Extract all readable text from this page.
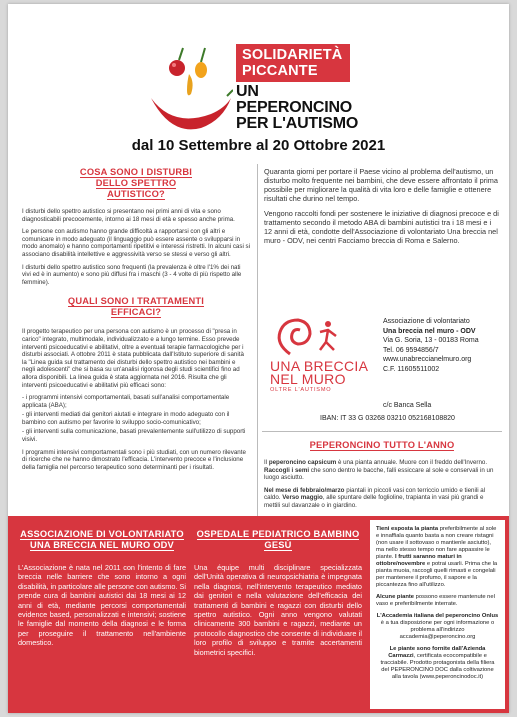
SOLIDARIETÀ
PICCANTE
UN PEPERONCINO
PER L'AUTISMO
dal 10 Settembre al 20 Ottobre 2021
COSA SONO I DISTURBI DELLO SPETTRO AUTISTICO?

I disturbi dello spettro autistico si presentano nei primi anni di vita e sono diagnosticabili precocemente, intorno ai 18 mesi di età e spesso anche prima.

Le persone con autismo hanno grande difficoltà a rapportarsi con gli altri e comunicare in modo adeguato (il linguaggio può essere assente o svilupparsi in modo anomalo) e hanno comportamenti ripetitivi e interessi ristretti. In alcuni casi si associano disabilità intellettive e aggressività verso se stessi e verso gli altri.

I disturbi dello spettro autistico sono frequenti (la prevalenza è oltre l'1% dei nati vivi ed è in aumento) e sono più diffusi fra i maschi (3 - 4 volte di più rispetto alle femmine).

QUALI SONO I TRATTAMENTI EFFICACI?

Il progetto terapeutico per una persona con autismo è un processo di "presa in carico" integrato, multimodale, individualizzato e a lungo termine. Esso prevede interventi psicoeducativi e abilitativi, oltre a eventuali terapie farmacologiche per i disturbi associati. A ottobre 2011 è stata pubblicata dall'Istituto superiore di sanità la "Linea guida sul trattamento dei disturbi dello spettro autistico nei bambini e negli adolescenti" che si basa su un'analisi rigorosa degli studi scientifici fino ad allora disponibili. La linea guida è stata aggiornata nel 2016. Risulta che gli interventi psicoeducativi e abilitativi più efficaci sono:

- i programmi intensivi comportamentali, basati sull'analisi comportamentale applicata (ABA);

- gli interventi mediati dai genitori aiutati e integrare in modo adeguato con il bambino con autismo per favorire lo sviluppo socio-comunicativo;

- gli interventi sulla comunicazione, basati prevalentemente sull'utilizzo di supporti visivi.

I programmi intensivi comportamentali sono i più studiati, con un numero rilevante di ricerche che ne hanno dimostrato l'efficacia. L'intervento precoce e l'inclusione della famiglia nel percorso terapeutico sono determinanti per i risultati.

Quaranta giorni per portare il Paese vicino al problema dell'autismo, un disturbo molto frequente nei bambini, che deve essere affrontato il prima possibile per migliorare la qualità di vita loro e delle famiglie e ottenere risultati che durino nel tempo.

Vengono raccolti fondi per sostenere le iniziative di diagnosi precoce e di trattamento secondo il metodo ABA di bambini autistici tra i 18 mesi e i 12 anni di età, condotte dell'Associazione di volontariato Una breccia nel muro - ODV, nei centri Facciamo breccia di Roma e Salerno.

UNA BRECCIA
NEL MURO
OLTRE L'AUTISMO
Associazione di volontariato
Una breccia nel muro - ODV
Via G. Soria, 13 - 00183 Roma
Tel. 06 9594856/7
www.unabreccianelmuro.org
C.F. 11605511002
c/c Banca Sella
IBAN: IT 33 G 03268 03210 052168108820
PEPERONCINO TUTTO L'ANNO

Il peperoncino capsicum è una pianta annuale. Muore con il freddo dell'Inverno. Raccogli i semi che sono dentro le bacche, falli essiccare al sole e conservali in un luogo asciutto.

Nel mese di febbraio/marzo piantali in piccoli vasi con terriccio umido e tienili al caldo. Verso maggio, alle spuntare delle foglioline, trapianta in vasi più grandi e mettili sul davanzale o in giardino.

ASSOCIAZIONE DI VOLONTARIATO UNA BRECCIA NEL MURO ODV
L'Associazione è nata nel 2011 con l'intento di fare breccia nelle barriere che sono intorno a ogni disabilità, in particolare alle persone con autismo. Si prende cura di bambini autistici dai 18 mesi ai 12 anni di età, mediante percorsi comportamentali evidence based, personalizzati e intensivi; sostiene le famiglie dal momento della diagnosi e le forma per proseguire il trattamento nell'ambiente domestico.
OSPEDALE PEDIATRICO BAMBINO GESÙ
Una équipe multi disciplinare specializzata dell'Unità operativa di neuropsichiatria è impegnata nella diagnosi, nell'intervento terapeutico mediato dai genitori e nella valutazione dell'efficacia dei trattamenti di bambini e ragazzi con disturbi dello spettro autistico. Ogni anno vengono valutati clinicamente 300 bambini e ragazzi, mediante un protocollo diagnostico che consente di individuare il loro profilo di sviluppo e tramite accertamenti biometrici specifici.

Tieni esposta la pianta preferibilmente al sole e innaffiala quanto basta a non creare ristagni (non usare il sottovaso o mantienle asciutto), ma nello stesso tempo non fare appassire le piante. I frutti saranno maturi in ottobre/novembre e potrai usarli. Prima che la pianta muoia, raccogli quelli rimasti e congelali per mantenere il profumo, il sapore e la piccantezza fino all'utilizzo.

Alcune piante possono essere mantenute nel vaso e preferibilmente interrate.

L'Accademia italiana del peperoncino Onlus è a tua disposizione per ogni informazione o problema all'indirizzo accademia@peperoncino.org

Le piante sono fornite dall'Azienda Carmazzi, certificata ecocompatibile e tracciabile. Prodotto protagonista della filiera del PEPERONCINO DOC dalla coltivazione alla tavola (www.peperoncinodoc.it)
